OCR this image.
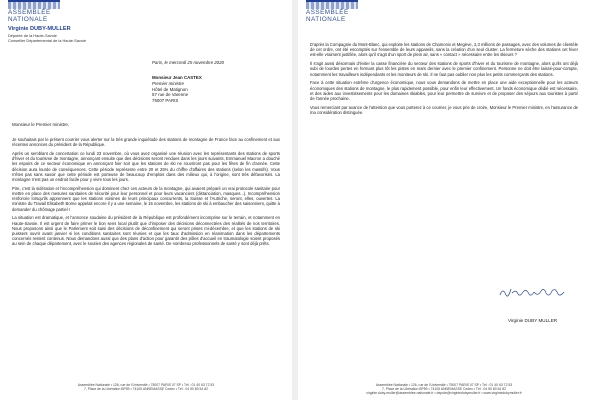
ASSEMBLÉE
NATIONALE
Virginie DUBY-MULLER
Députée de la Haute-Savoie
Conseiller Départemental de la Haute-Savoie
Paris, le mercredi 25 novembre 2020
Monsieur Jean CASTEX
Premier ministre
Hôtel de Matignon
57 rue de Varenne
75007 PARIS
Monsieur le Premier ministre,

Je souhaitais par le présent courrier vous alerter sur la très grande inquiétude des stations de montagne de France face au confinement et aux récentes annonces du président de la République.

Après un semblant de concertation ce lundi 23 novembre, où vous avez organisé une réunion avec les représentants des stations de sports d'hiver et du tourisme de montagne, annonçant ensuite que des décisions seront rendues dans les jours suivants, Emmanuel Macron a douché les espoirs de ce secteur économique en annonçant hier soir que les stations de ski ne rouvriront pas pour les fêtes de fin d'année. Cette décision aura lourde de conséquences. Cette période représente entre 20 et 25% du chiffre d'affaires des stations (selon les massifs). Vous n'êtes pas sans savoir que cette période est porteuse de beaucoup d'emplois dans des milieux qui, à l'origine, sont très défavorisés. La montagne n'est pas un endroit facile pour y vivre tous les jours.

Pire, c'est la sidération et l'incompréhension qui dominent chez ces acteurs de la montagne, qui avaient préparé un vrai protocole sanitaire pour mettre en place des mesures sanitaires de sécurité pour leur personnel et pour leurs vacanciers (distanciation, masques...). Incompréhension renforcée lorsqu'ils apprennent que les stations voisines de leurs principaux concurrents, la Suisse et l'Autriche, seront, elles, ouvertes. La ministre du Travail Elisabeth Borne appelait encore il y a une semaine, le 15 novembre, les stations de ski à embaucher des saisonniers, quitte à demander du chômage partiel !

La situation est dramatique, et l'annonce soudaine du président de la République est profondément incomprise sur le terrain, et notamment en Haute-Savoie. Il est urgent de faire primer le bon sens local plutôt que d'imposer des décisions déconnectées des réalités de nos territoires. Nous proposons ainsi que le Parlement soit saisi des décisions de déconfinement qui seront prises mi-décembre, et que les stations de ski puissent ouvrir avant janvier si les conditions sanitaires sont réunies et que les taux d'admission en réanimation dans les départements concernés restent contenus. Nous demandons aussi que des plans d'action pour garantir des pôles d'accueil en traumatologie soient proposés au sein de chaque département, avec le soutien des agences régionales de santé. De nombreux professionnels de santé y sont déjà prêts.

Assemblée Nationale • 126, rue de l'Université • 75007 PARIS 07 SP • Tél : 01 40 63 72 53
7, Place de la Libération BP59 • 74105 ANNEMASSE Cedex • Tél : 04 50 80 54 82
ASSEMBLÉE
NATIONALE

D'après la Compagnie du Mont-Blanc, qui exploite les stations de Chamonix et Megève, 2,3 millions de passages, avec des volumes de clientèle de cet ordre, ont été escomptés sur l'ensemble de leurs appareils, sans la création d'un seul cluster. La fermeture sèche des stations cet hiver est-elle vraiment justifiée, alors qu'il s'agit d'un sport de plein air, sans « contact » nécessaire entre les skieurs ?

Il s'agit aussi désormais d'éviter la casse financière du secteur des stations de sports d'hiver et du tourisme de montagne, alors qu'ils ont déjà subi de lourdes pertes en fermant plus tôt les pistes en mars dernier avec le premier confinement. Personne ne doit être laissé-pour-compte, notamment les travailleurs indépendants et les moniteurs de ski. Il ne faut pas oublier non plus les petits commerçants des stations.

Face à cette situation extrême d'urgence économique, nous vous demandons de mettre en place une aide exceptionnelle pour les acteurs économiques des stations de montagne, le plus rapidement possible, pour enfin leur effectivement. Un fonds économique dédié est nécessaire, et des aides aux investissements pour les domaines skiables, pour leur permettre de survivre et de proposer des séjours aux touristes à partir de l'année prochaine.

Vous remerciant par avance de l'attention que vous porterez à ce courrier, je vous prie de croire, Monsieur le Premier ministre, en l'assurance de ma considération distinguée.

Virginie DUBY MULLER
Assemblée Nationale • 126, rue de l'Université • 75007 PARIS 07 SP • Tél : 01 40 63 72 53
7, Place de la Libération BP59 • 74105 ANNEMASSE Cedex • Tél : 04 50 80 54 82
virginie.duby-muller@assemblee-nationale.fr • depute@virginiedubymuller.fr • www.virginiedubymuller.fr
